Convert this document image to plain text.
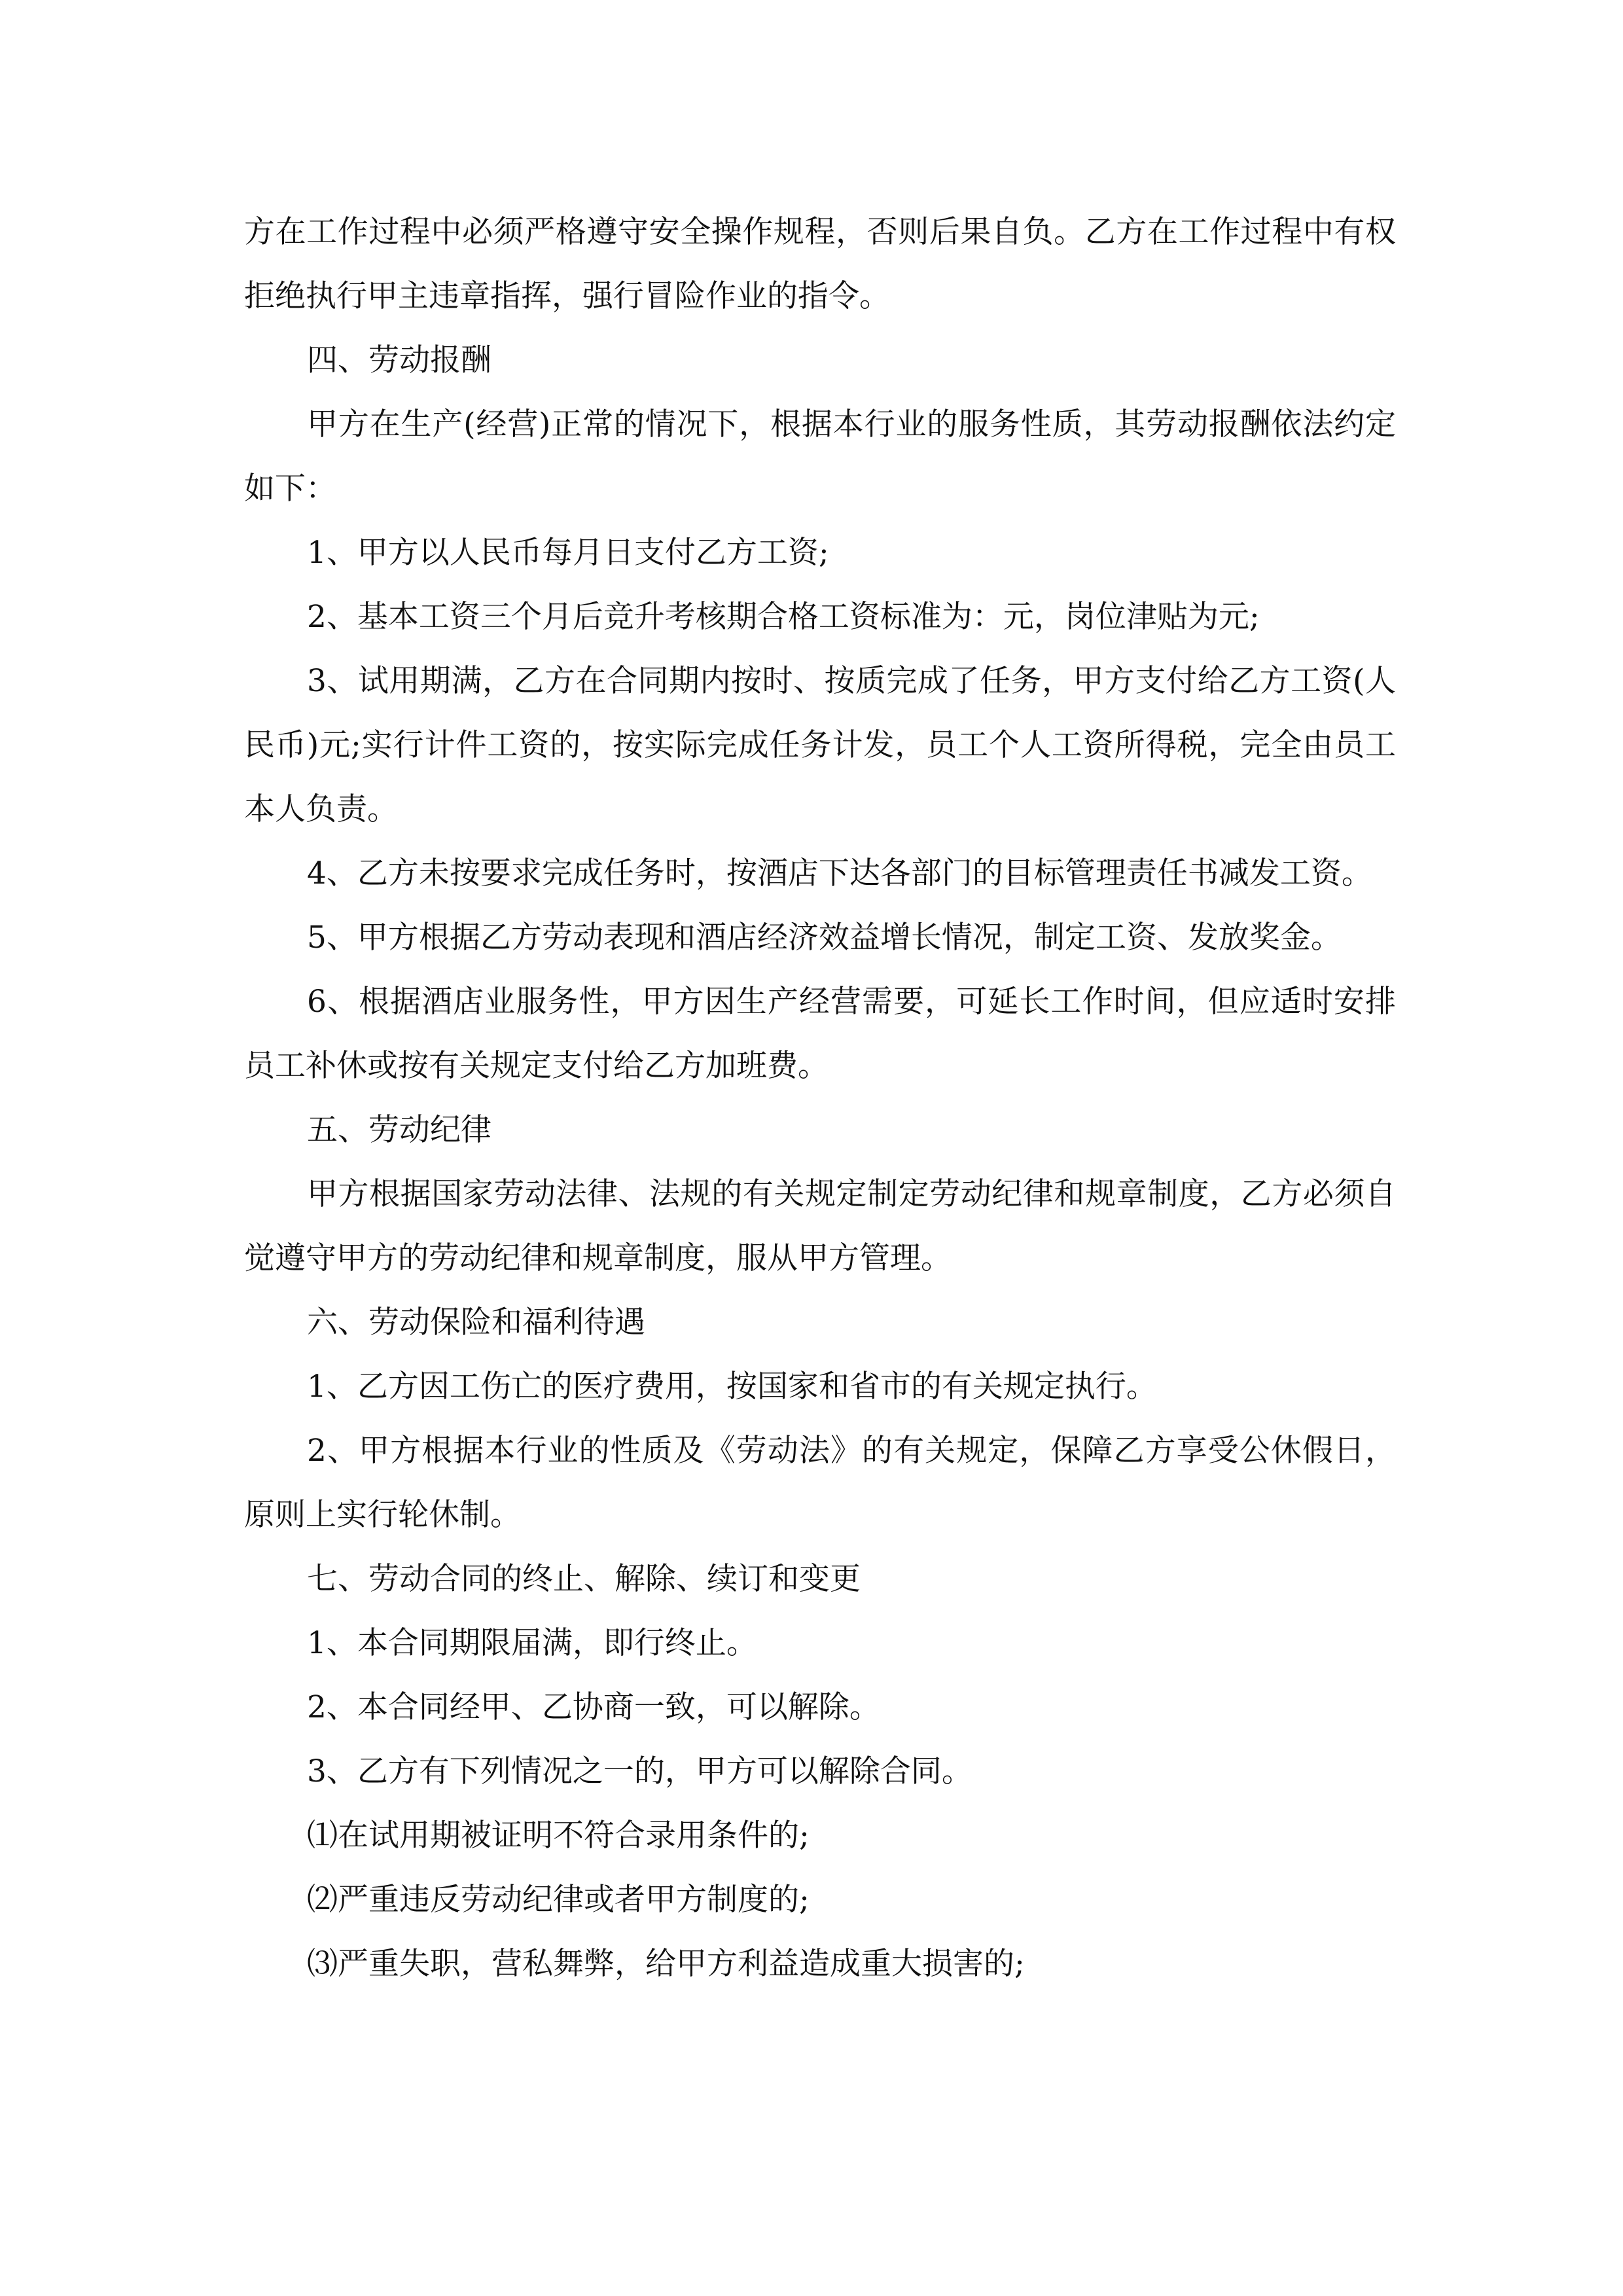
方在工作过程中必须严格遵守安全操作规程，否则后果自负。乙方在工作过程中有权拒绝执行甲主违章指挥，强行冒险作业的指令。

四、劳动报酬

甲方在生产(经营)正常的情况下，根据本行业的服务性质，其劳动报酬依法约定如下：

1、甲方以人民币每月日支付乙方工资;

2、基本工资三个月后竞升考核期合格工资标准为：元，岗位津贴为元;

3、试用期满，乙方在合同期内按时、按质完成了任务，甲方支付给乙方工资(人民币)元;实行计件工资的，按实际完成任务计发，员工个人工资所得税，完全由员工本人负责。

4、乙方未按要求完成任务时，按酒店下达各部门的目标管理责任书减发工资。

5、甲方根据乙方劳动表现和酒店经济效益增长情况，制定工资、发放奖金。

6、根据酒店业服务性，甲方因生产经营需要，可延长工作时间，但应适时安排员工补休或按有关规定支付给乙方加班费。

五、劳动纪律

甲方根据国家劳动法律、法规的有关规定制定劳动纪律和规章制度，乙方必须自觉遵守甲方的劳动纪律和规章制度，服从甲方管理。

六、劳动保险和福利待遇

1、乙方因工伤亡的医疗费用，按国家和省市的有关规定执行。

2、甲方根据本行业的性质及《劳动法》的有关规定，保障乙方享受公休假日，原则上实行轮休制。

七、劳动合同的终止、解除、续订和变更

1、本合同期限届满，即行终止。

2、本合同经甲、乙协商一致，可以解除。

3、乙方有下列情况之一的，甲方可以解除合同。

⑴在试用期被证明不符合录用条件的;

⑵严重违反劳动纪律或者甲方制度的;

⑶严重失职，营私舞弊，给甲方利益造成重大损害的;
